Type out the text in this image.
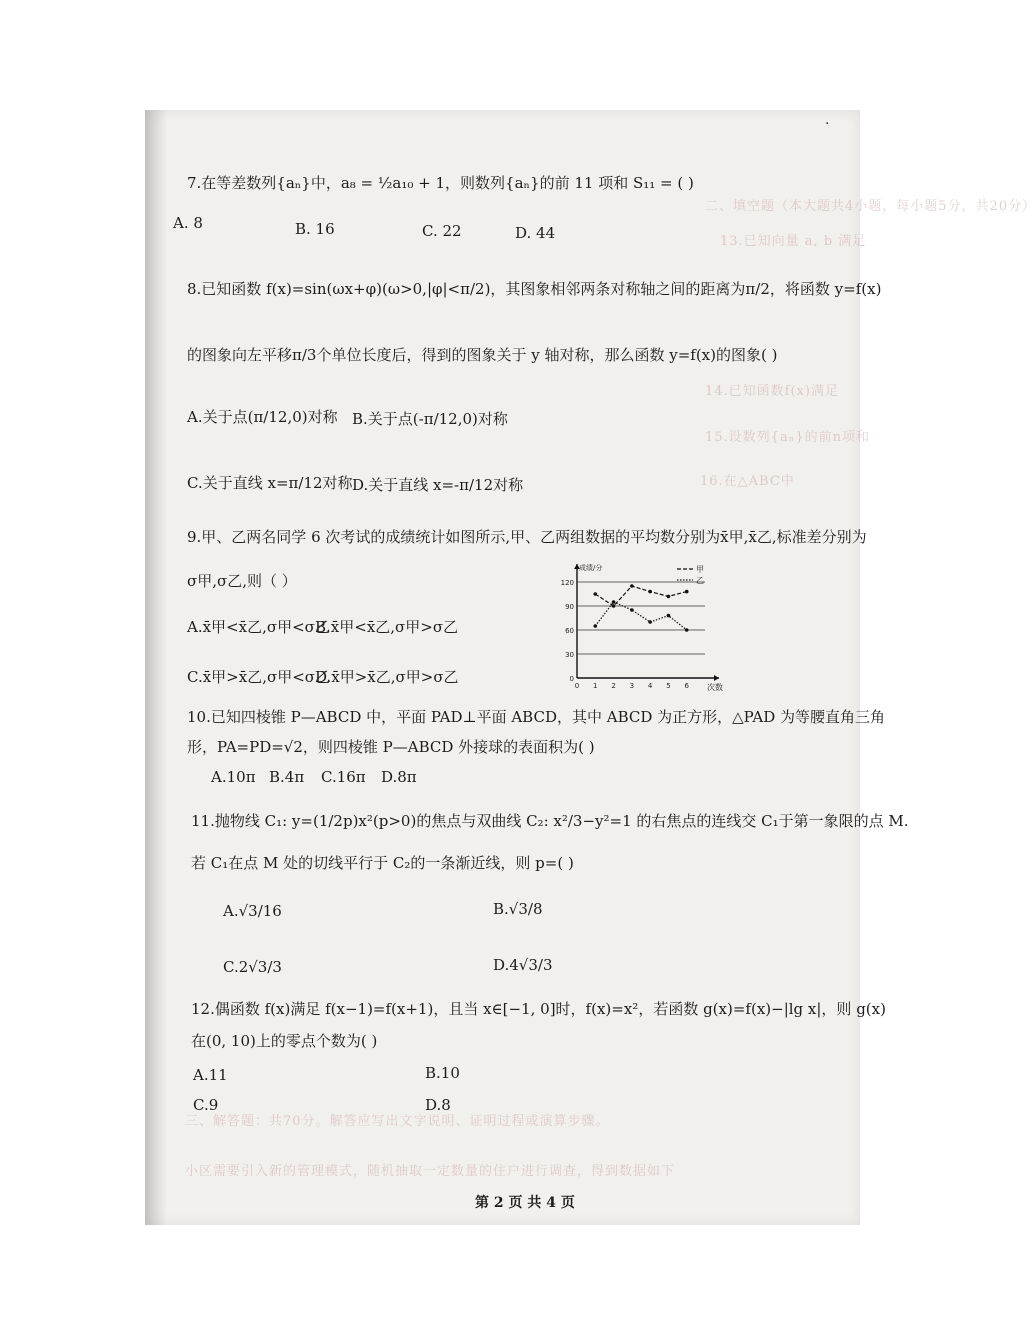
二、填空题（本大题共4小题，每小题5分，共20分）
13.已知向量 a, b 满足
14.已知函数f(x)满足
15.设数列{aₙ}的前n项和
16.在△ABC中
三、解答题：共70分。解答应写出文字说明、证明过程或演算步骤。
小区需要引入新的管理模式，随机抽取一定数量的住户进行调查，得到数据如下
·
7.在等差数列{aₙ}中，a₈ = ½a₁₀ + 1，则数列{aₙ}的前 11 项和 S₁₁ = ( )
A. 8	B. 16	C. 22	D. 44
8.已知函数 f(x)=sin(ωx+φ)(ω>0,|φ|<π/2)，其图象相邻两条对称轴之间的距离为π/2，将函数 y=f(x)
的图象向左平移π/3个单位长度后，得到的图象关于 y 轴对称，那么函数 y=f(x)的图象( )
A.关于点(π/12,0)对称 B.关于点(-π/12,0)对称
C.关于直线 x=π/12对称 D.关于直线 x=-π/12对称
9.甲、乙两名同学 6 次考试的成绩统计如图所示,甲、乙两组数据的平均数分别为x̄甲,x̄乙,标准差分别为
σ甲,σ乙,则（ ）
A.x̄甲<x̄乙,σ甲<σ乙
B.x̄甲<x̄乙,σ甲>σ乙
C.x̄甲>x̄乙,σ甲<σ乙
D.x̄甲>x̄乙,σ甲>σ乙	0
30
60
90
120
0 1 2 3 4 5 6
成绩/分
次数
甲
乙
10.已知四棱锥 P—ABCD 中，平面 PAD⊥平面 ABCD，其中 ABCD 为正方形，△PAD 为等腰直角三角
形，PA=PD=√2，则四棱锥 P—ABCD 外接球的表面积为( )
A.10π B.4π C.16π D.8π
11.抛物线 C₁: y=(1/2p)x²(p>0)的焦点与双曲线 C₂: x²/3−y²=1 的右焦点的连线交 C₁于第一象限的点 M.
若 C₁在点 M 处的切线平行于 C₂的一条渐近线，则 p=( )
A.√3/16	B.√3/8
C.2√3/3	D.4√3/3
12.偶函数 f(x)满足 f(x−1)=f(x+1)，且当 x∈[−1, 0]时，f(x)=x²，若函数 g(x)=f(x)−|lg x|，则 g(x)
在(0, 10)上的零点个数为( )
A.11	B.10
C.9	D.8
第 2 页 共 4 页
